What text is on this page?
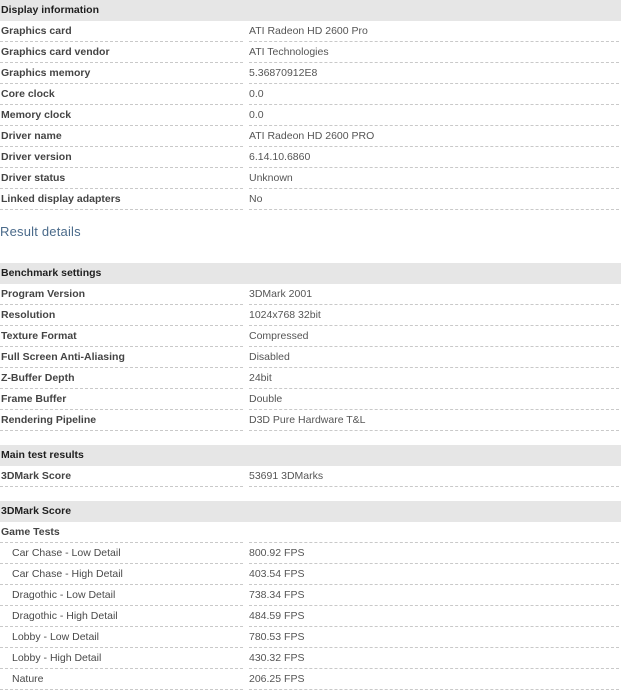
Display information
Graphics card	ATI Radeon HD 2600 Pro
Graphics card vendor	ATI Technologies
Graphics memory	5.36870912E8
Core clock	0.0
Memory clock	0.0
Driver name	ATI Radeon HD 2600 PRO
Driver version	6.14.10.6860
Driver status	Unknown
Linked display adapters	No
Result details
Benchmark settings
Program Version	3DMark 2001
Resolution	1024x768 32bit
Texture Format	Compressed
Full Screen Anti-Aliasing	Disabled
Z-Buffer Depth	24bit
Frame Buffer	Double
Rendering Pipeline	D3D Pure Hardware T&L
Main test results
3DMark Score	53691 3DMarks
3DMark Score
Game Tests
Car Chase - Low Detail	800.92 FPS
Car Chase - High Detail	403.54 FPS
Dragothic - Low Detail	738.34 FPS
Dragothic - High Detail	484.59 FPS
Lobby - Low Detail	780.53 FPS
Lobby - High Detail	430.32 FPS
Nature	206.25 FPS
